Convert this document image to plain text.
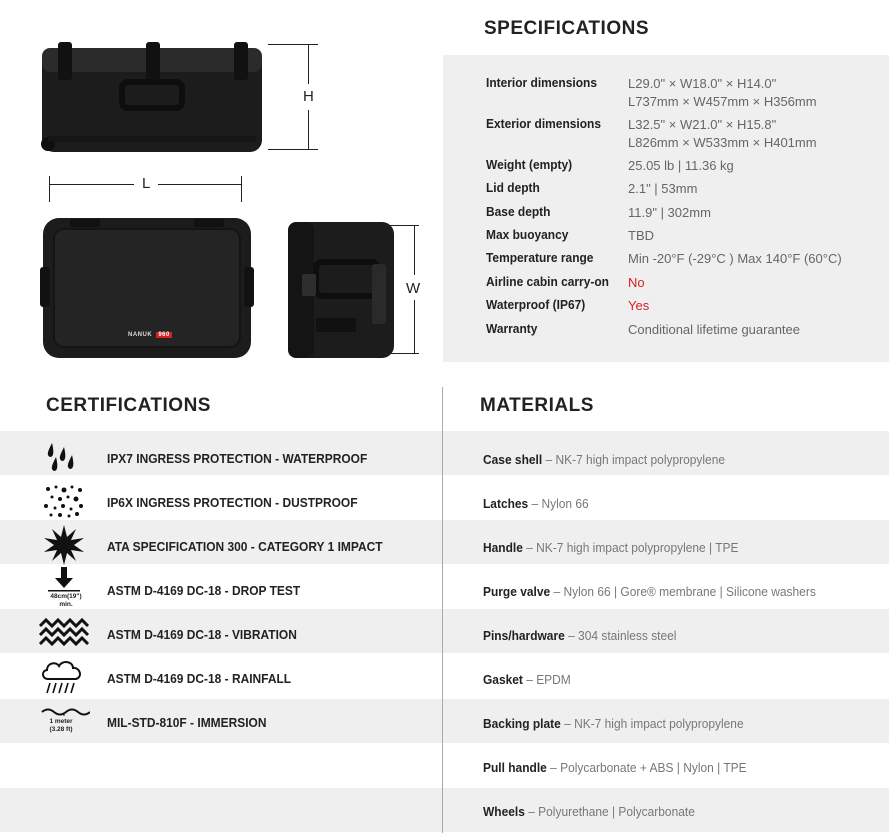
H
L
NANUK 960
W
SPECIFICATIONS
Interior dimensions L29.0" × W18.0" × H14.0"
L737mm × W457mm × H356mm
Exterior dimensions L32.5" × W21.0" × H15.8"
L826mm × W533mm × H401mm
Weight (empty)	25.05 lb | 11.36 kg
Lid depth	2.1" | 53mm
Base depth	11.9" | 302mm
Max buoyancy	TBD
Temperature range	Min -20°F (-29°C ) Max 140°F (60°C)
Airline cabin carry-on No
Waterproof (IP67)	Yes
Warranty	Conditional lifetime guarantee
CERTIFICATIONS
IPX7 INGRESS PROTECTION - WATERPROOF
IP6X INGRESS PROTECTION - DUSTPROOF
ATA SPECIFICATION 300 - CATEGORY 1 IMPACT
48cm(19")
min.
ASTM D-4169 DC-18 - DROP TEST
ASTM D-4169 DC-18 - VIBRATION
ASTM D-4169 DC-18 - RAINFALL
1 meter
(3.28 ft)	MIL-STD-810F - IMMERSION
MATERIALS
Case shell – NK-7 high impact polypropylene
Latches – Nylon 66
Handle – NK-7 high impact polypropylene | TPE
Purge valve – Nylon 66 | Gore® membrane | Silicone washers
Pins/hardware – 304 stainless steel
Gasket – EPDM
Backing plate – NK-7 high impact polypropylene
Pull handle – Polycarbonate + ABS | Nylon | TPE
Wheels – Polyurethane | Polycarbonate
